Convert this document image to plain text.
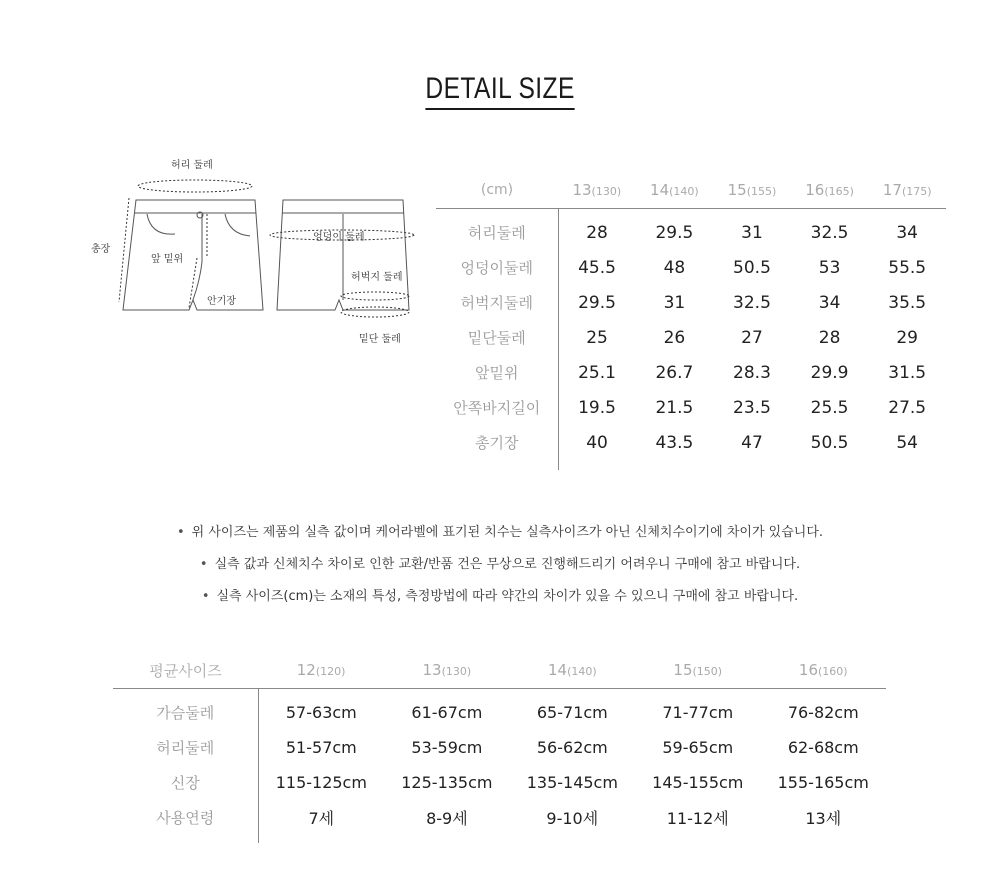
DETAIL SIZE
허리 둘레
총장
앞 밑위
안기장
엉덩이 둘레
허벅지 둘레
밑단 둘레
(cm)	13(130)	14(140)	15(155)	16(165)	17(175)
허리둘레	28	29.5	31	32.5	34
엉덩이둘레	45.5	48	50.5	53	55.5
허벅지둘레	29.5	31	32.5	34	35.5
밑단둘레	25	26	27	28	29
앞밑위	25.1	26.7	28.3	29.9	31.5
안쪽바지길이	19.5	21.5	23.5	25.5	27.5
총기장	40	43.5	47	50.5	54
• 위 사이즈는 제품의 실측 값이며 케어라벨에 표기된 치수는 실측사이즈가 아닌 신체치수이기에 차이가 있습니다.
• 실측 값과 신체치수 차이로 인한 교환/반품 건은 무상으로 진행해드리기 어려우니 구매에 참고 바랍니다.
• 실측 사이즈(cm)는 소재의 특성, 측정방법에 따라 약간의 차이가 있을 수 있으니 구매에 참고 바랍니다.
평균사이즈	12(120)	13(130)	14(140)	15(150)	16(160)
가슴둘레	57-63cm	61-67cm	65-71cm	71-77cm	76-82cm
허리둘레	51-57cm	53-59cm	56-62cm	59-65cm	62-68cm
신장	115-125cm	125-135cm	135-145cm	145-155cm	155-165cm
사용연령	7세	8-9세	9-10세	11-12세	13세
